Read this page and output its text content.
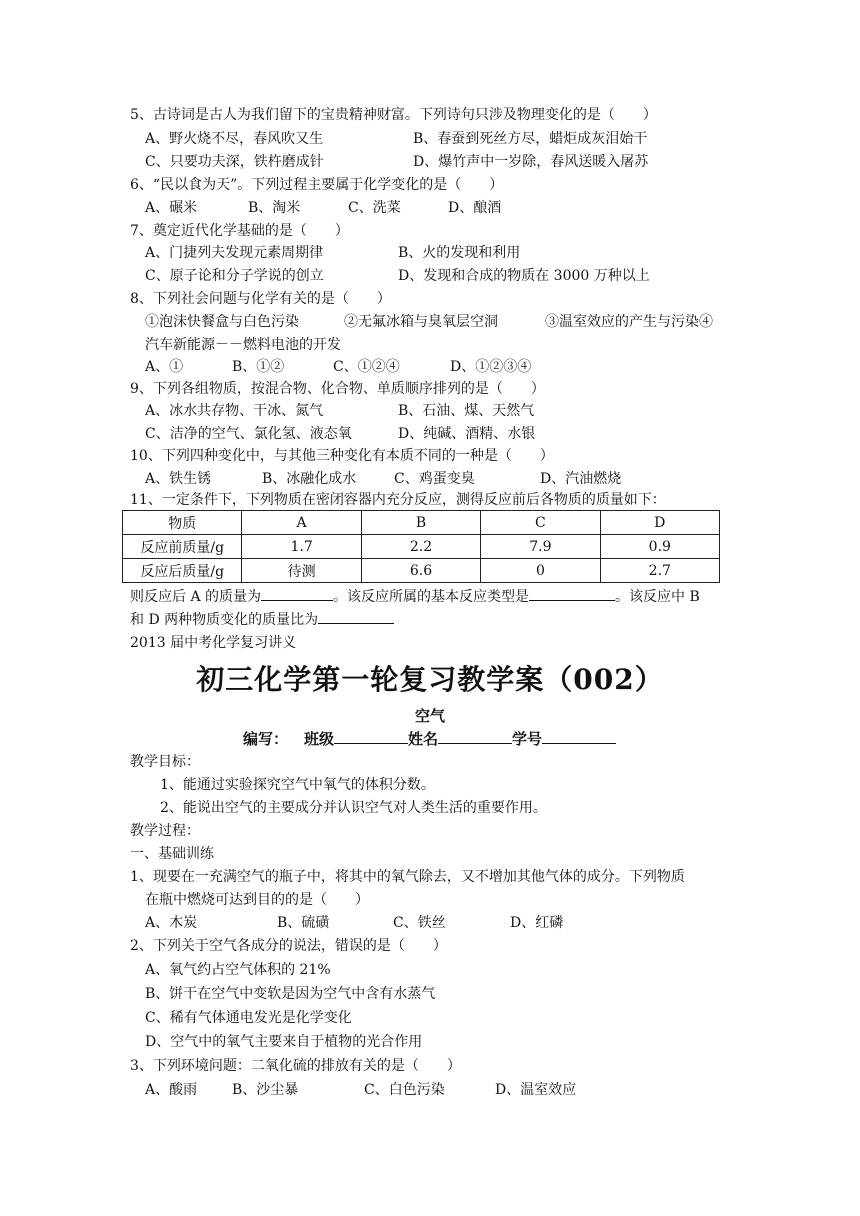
5、古诗词是古人为我们留下的宝贵精神财富。下列诗句只涉及物理变化的是（　　）
A、野火烧不尽，春风吹又生	B、春蚕到死丝方尽，蜡炬成灰泪始干
C、只要功夫深，铁杵磨成针	D、爆竹声中一岁除，春风送暖入屠苏
6、“民以食为天”。下列过程主要属于化学变化的是（　　）
A、碾米	B、淘米	C、洗菜	D、酿酒
7、奠定近代化学基础的是（　　）
A、门捷列夫发现元素周期律	B、火的发现和利用
C、原子论和分子学说的创立	D、发现和合成的物质在 3000 万种以上
8、下列社会问题与化学有关的是（　　）
①泡沫快餐盒与白色污染	②无氟冰箱与臭氧层空洞	③温室效应的产生与污染④
汽车新能源－－燃料电池的开发
A、①	B、①②	C、①②④	D、①②③④
9、下列各组物质，按混合物、化合物、单质顺序排列的是（　　）
A、冰水共存物、干冰、氮气	B、石油、煤、天然气
C、洁净的空气、氯化氢、液态氧	D、纯碱、酒精、水银
10、下列四种变化中，与其他三种变化有本质不同的一种是（　　）
A、铁生锈	B、冰融化成水	C、鸡蛋变臭	D、汽油燃烧
11、一定条件下，下列物质在密闭容器内充分反应，测得反应前后各物质的质量如下：
物质	A	B	C	D
反应前质量/g	1.7	2.2	7.9	0.9
反应后质量/g	待测	6.6	0	2.7
则反应后 A 的质量为	。该反应所属的基本反应类型是	。该反应中 B
和 D 两种物质变化的质量比为
2013 届中考化学复习讲义
初三化学第一轮复习教学案（002）
空气
编写： 班级	姓名	学号
教学目标：
1、能通过实验探究空气中氧气的体积分数。
2、能说出空气的主要成分并认识空气对人类生活的重要作用。
教学过程：
一、基础训练
1、现要在一充满空气的瓶子中，将其中的氧气除去，又不增加其他气体的成分。下列物质
在瓶中燃烧可达到目的的是（　　）
A、木炭	B、硫磺	C、铁丝	D、红磷
2、下列关于空气各成分的说法，错误的是（　　）
A、氧气约占空气体积的 21%
B、饼干在空气中变软是因为空气中含有水蒸气
C、稀有气体通电发光是化学变化
D、空气中的氧气主要来自于植物的光合作用
3、下列环境问题：二氧化硫的排放有关的是（　　）
A、酸雨 B、沙尘暴	C、白色污染	D、温室效应
